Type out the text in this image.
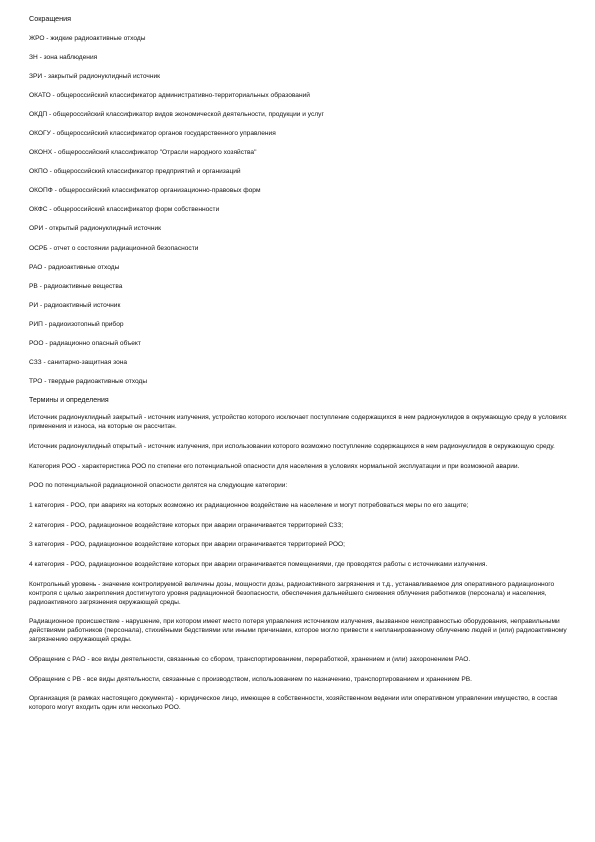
Сокращения
ЖРО - жидкие радиоактивные отходы
ЗН - зона наблюдения
ЗРИ - закрытый радионуклидный источник
ОКАТО - общероссийский классификатор административно-территориальных образований
ОКДП - общероссийский классификатор видов экономической деятельности, продукции и услуг
ОКОГУ - общероссийский классификатор органов государственного управления
ОКОНХ - общероссийский классификатор "Отрасли народного хозяйства"
ОКПО - общероссийский классификатор предприятий и организаций
ОКОПФ - общероссийский классификатор организационно-правовых форм
ОКФС - общероссийский классификатор форм собственности
ОРИ - открытый радионуклидный источник
ОСРБ - отчет о состоянии радиационной безопасности
РАО - радиоактивные отходы
РВ - радиоактивные вещества
РИ - радиоактивный источник
РИП - радиоизотопный прибор
РОО - радиационно опасный объект
СЗЗ - санитарно-защитная зона
ТРО - твердые радиоактивные отходы
Термины и определения
Источник радионуклидный закрытый - источник излучения, устройство которого исключает поступление содержащихся в нем радионуклидов в окружающую среду в условиях применения и износа, на которые он рассчитан.
Источник радионуклидный открытый - источник излучения, при использовании которого возможно поступление содержащихся в нем радионуклидов в окружающую среду.
Категория РОО - характеристика РОО по степени его потенциальной опасности для населения в условиях нормальной эксплуатации и при возможной аварии.
РОО по потенциальной радиационной опасности делятся на следующие категории:
1 категория - РОО, при авариях на которых возможно их радиационное воздействие на население и могут потребоваться меры по его защите;
2 категория - РОО, радиационное воздействие которых при аварии ограничивается территорией СЗЗ;
3 категория - РОО, радиационное воздействие которых при аварии ограничивается территорией РОО;
4 категория - РОО, радиационное воздействие которых при аварии ограничивается помещениями, где проводятся работы с источниками излучения.
Контрольный уровень - значение контролируемой величины дозы, мощности дозы, радиоактивного загрязнения и т.д., устанавливаемое для оперативного радиационного контроля с целью закрепления достигнутого уровня радиационной безопасности, обеспечения дальнейшего снижения облучения работников (персонала) и населения, радиоактивного загрязнения окружающей среды.
Радиационное происшествие - нарушение, при котором имеет место потеря управления источником излучения, вызванное неисправностью оборудования, неправильными действиями работников (персонала), стихийными бедствиями или иными причинами, которое могло привести к непланированному облучению людей и (или) радиоактивному загрязнению окружающей среды.
Обращение с РАО - все виды деятельности, связанные со сбором, транспортированием, переработкой, хранением и (или) захоронением РАО.
Обращение с РВ - все виды деятельности, связанные с производством, использованием по назначению, транспортированием и хранением РВ.
Организация (в рамках настоящего документа) - юридическое лицо, имеющее в собственности, хозяйственном ведении или оперативном управлении имущество, в состав которого могут входить один или несколько РОО.
